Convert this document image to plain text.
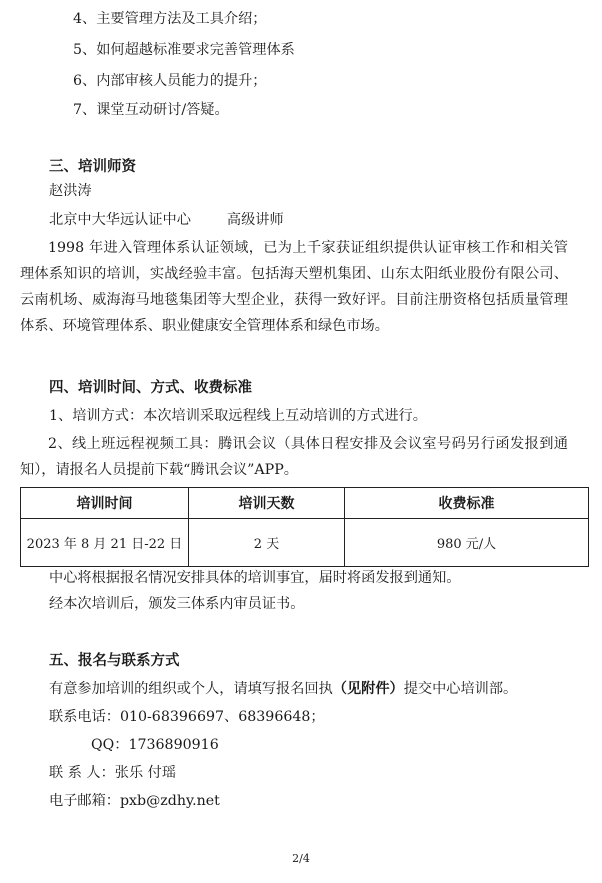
4、主要管理方法及工具介绍；
5、如何超越标准要求完善管理体系
6、内部审核人员能力的提升；
7、课堂互动研讨/答疑。
三、培训师资
赵洪涛
北京中大华远认证中心	高级讲师
1998 年进入管理体系认证领域，已为上千家获证组织提供认证审核工作和相关管理体系知识的培训，实战经验丰富。包括海天塑机集团、山东太阳纸业股份有限公司、云南机场、威海海马地毯集团等大型企业，获得一致好评。目前注册资格包括质量管理体系、环境管理体系、职业健康安全管理体系和绿色市场。
四、培训时间、方式、收费标准
1、培训方式：本次培训采取远程线上互动培训的方式进行。
2、线上班远程视频工具：腾讯会议（具体日程安排及会议室号码另行函发报到通知），请报名人员提前下载“腾讯会议”APP。
培训时间	培训天数	收费标准
2023 年 8 月 21 日-22 日	2 天	980 元/人
中心将根据报名情况安排具体的培训事宜，届时将函发报到通知。
经本次培训后，颁发三体系内审员证书。
五、报名与联系方式
有意参加培训的组织或个人，请填写报名回执（见附件）提交中心培训部。
联系电话：010-68396697、68396648；
QQ：1736890916
联 系 人：张乐 付瑶
电子邮箱：pxb@zdhy.net
2/4
